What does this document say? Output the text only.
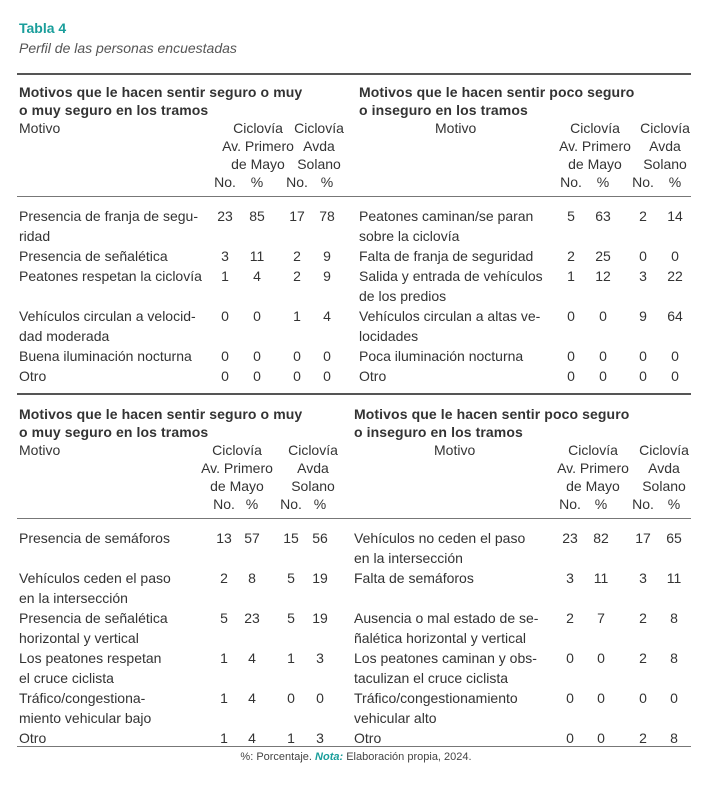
Tabla 4
Perfil de las personas encuestadas
Motivos que le hacen sentir seguro o muy
o muy seguro en los tramos
Motivo	Ciclovía
Av. Primero
de Mayo
Ciclovía
Avda
Solano
No.	%	No. %
Presencia de franja de segu-
ridad
23	85	17	78
Presencia de señalética	3	11	2	9
Peatones respetan la ciclovía	1	4	2	9
Vehículos circulan a velocid-
dad moderada
0	0	1	4
Buena iluminación nocturna	0	0	0	0
Otro	0	0	0	0
Motivos que le hacen sentir poco seguro
o inseguro en los tramos
Motivo	Ciclovía
Av. Primero
de Mayo
Ciclovía
Avda
Solano
No.	%	No.	%
Peatones caminan/se paran
sobre la ciclovía
5	63	2	14
Falta de franja de seguridad	2	25	0	0
Salida y entrada de vehículos
de los predios
1	12	3	22
Vehículos circulan a altas ve-
locidades
0	0	9	64
Poca iluminación nocturna	0	0	0	0
Otro	0	0	0	0
Motivos que le hacen sentir seguro o muy
o muy seguro en los tramos
Motivo	Ciclovía
Av. Primero
de Mayo
Ciclovía
Avda
Solano
No. %	No. %
Presencia de semáforos	13 57	15 56
Vehículos ceden el paso
en la intersección
2	8	5	19
Presencia de señalética
horizontal y vertical
5	23	5	19
Los peatones respetan
el cruce ciclista
1	4	1	3
Tráfico/congestiona-
miento vehicular bajo
1	4	0	0
Otro	1	4	1	3
Motivos que le hacen sentir poco seguro
o inseguro en los tramos
Motivo	Ciclovía
Av. Primero
de Mayo
Ciclovía
Avda
Solano
No. %	No. %
Vehículos no ceden el paso
en la intersección
23	82	17	65
Falta de semáforos	3	11	3	11
Ausencia o mal estado de se-
ñalética horizontal y vertical
2	7	2	8
Los peatones caminan y obs-
taculizan el cruce ciclista
0	0	2	8
Tráfico/congestionamiento
vehicular alto
0	0	0	0
Otro	0	0	2	8
%: Porcentaje. Nota: Elaboración propia, 2024.
